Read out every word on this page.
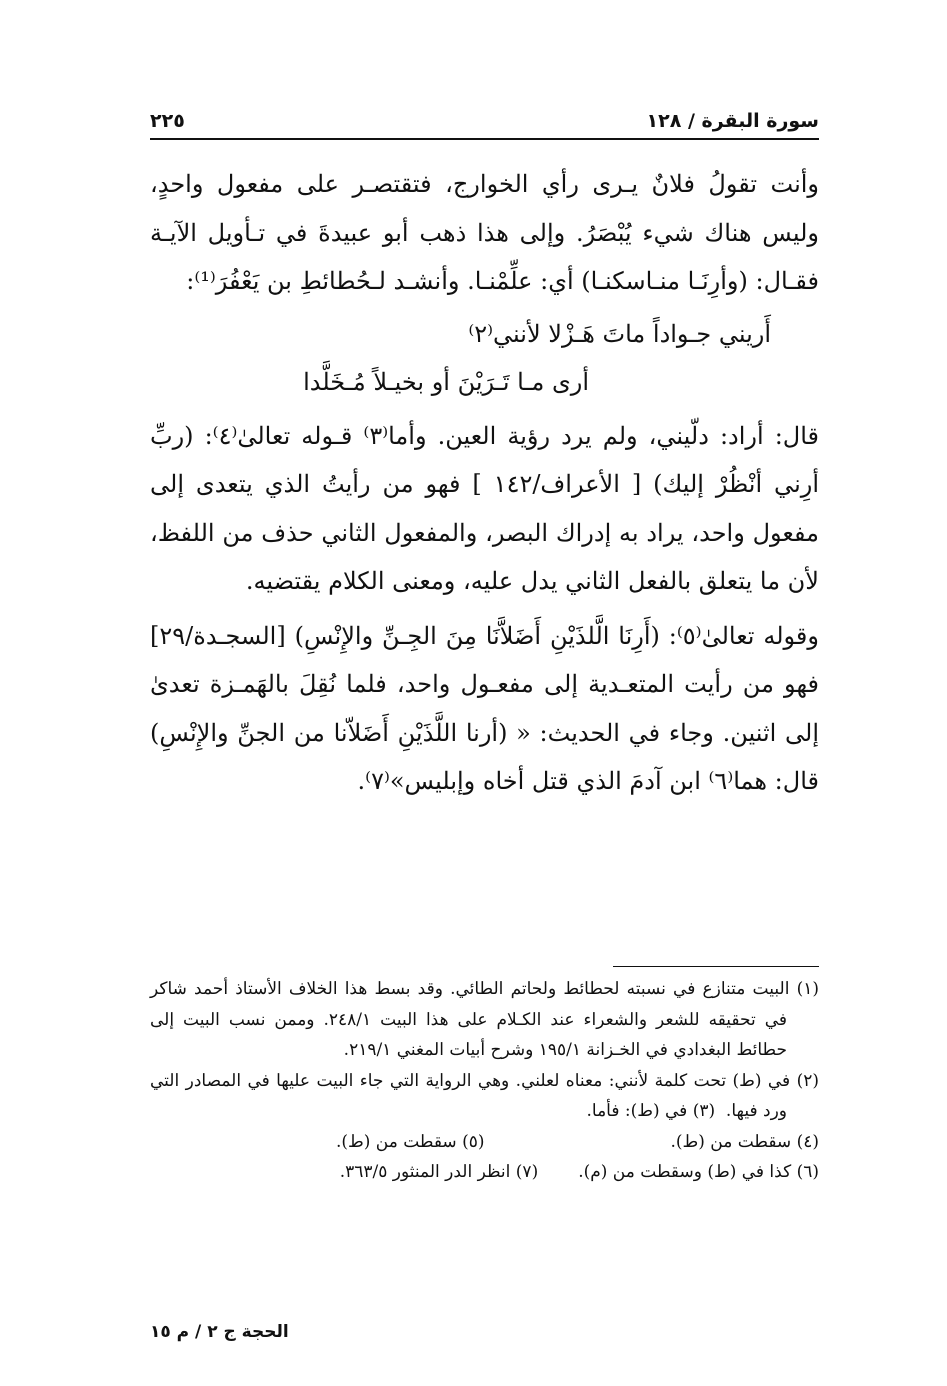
سورة البقرة / ١٢٨
٢٢٥

وأنت تقولُ فلانٌ يـرى رأي الخوارج، فتقتصـر على مفعول واحدٍ، وليس هناك شيء يُبْصَرُ. وإلى هذا ذهب أبو عبيدةَ في تـأويل الآيـة فقـال: (وأرِنَـا منـاسكنـا) أي: علِّمْنـا. وأنشـد لـحُطائطِ بن يَعْفُرَ⁽¹⁾:

أَريني جـواداً ماتَ هَـزْلا لأنني⁽٢⁾
أرى مـا تَـرَيْنَ أو بخيـلاً مُـخَلَّدا

قال: أراد: دلّيني، ولم يرد رؤية العين. وأما⁽٣⁾ قـوله تعالىٰ⁽٤⁾: (ربِّ أرِني أنْظُرْ إليك) [ الأعراف/١٤٢ ] فهو من رأيتُ الذي يتعدى إلى مفعول واحد، يراد به إدراك البصر، والمفعول الثاني حذف من اللفظ، لأن ما يتعلق بالفعل الثاني يدل عليه، ومعنى الكلام يقتضيه.

وقوله تعالىٰ⁽٥⁾: (أَرِنَا الَّلذَيْنِ أَضَلاَّنَا مِنَ الجِـنِّ والإِنْسِ) [السجـدة/٢٩] فهو من رأيت المتعـدية إلى مفعـول واحد، فلما نُقِلَ بالهَمـزة تعدىٰ إلى اثنين. وجاء في الحديث: « (أرنا اللَّذَيْنِ أَضَلاّنا من الجنِّ والإِنْسِ) قال: هما⁽٦⁾ ابن آدمَ الذي قتل أخاه وإبليس»⁽٧⁾.

(١) البيت متنازع في نسبته لحطائط ولحاتم الطائي. وقد بسط هذا الخلاف الأستاذ أحمد شاكر في تحقيقه للشعر والشعراء عند الكـلام على هذا البيت ٢٤٨/١. وممن نسب البيت إلى حطائط البغدادي في الخـزانة ١٩٥/١ وشرح أبيات المغني ٢١٩/١.

(٢) في (ط) تحت كلمة لأنني: معناه لعلني. وهي الرواية التي جاء البيت عليها في المصادر التي ورد فيها. ‏ ‏(٣) في (ط): فأما.

(٤) سقطت من (ط).
(٥) سقطت من (ط).
(٦) كذا في (ط) وسقطت من (م).
(٧) انظر الدر المنثور ٣٦٣/٥.
الحجة ج ٢ / م ١٥
